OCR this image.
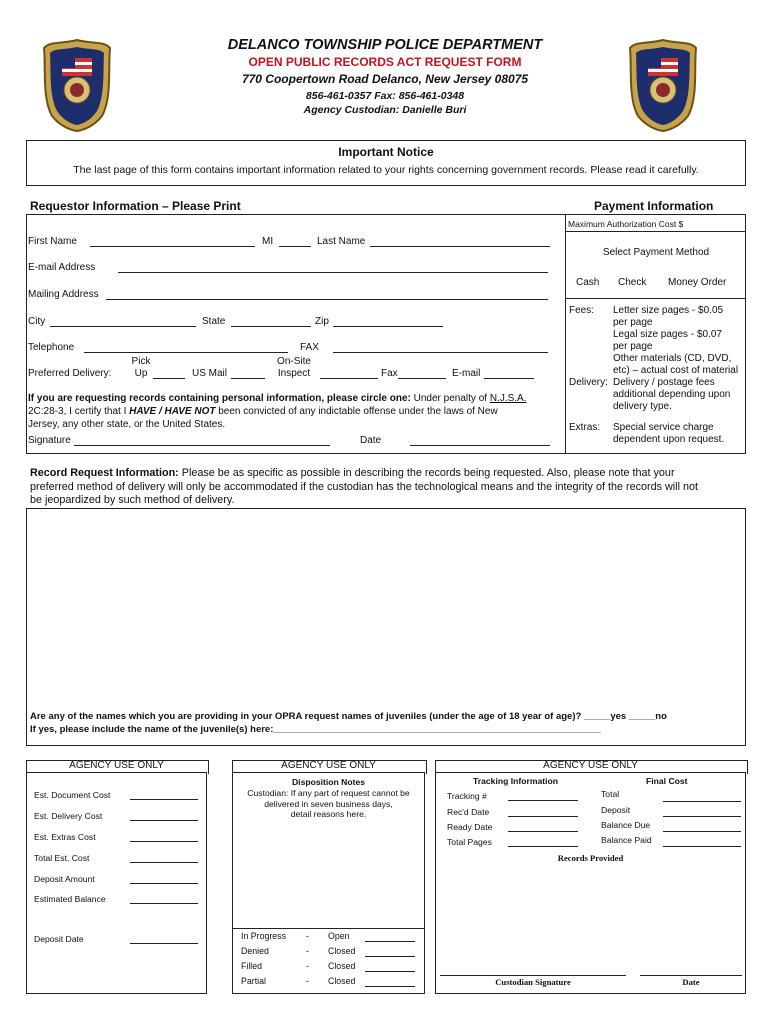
DELANCO TOWNSHIP POLICE DEPARTMENT
OPEN PUBLIC RECORDS ACT REQUEST FORM
770 Coopertown Road Delanco, New Jersey 08075
856-461-0357 Fax: 856-461-0348
Agency Custodian: Danielle Buri
Important Notice
The last page of this form contains important information related to your rights concerning government records. Please read it carefully.
Requestor Information – Please Print
First Name	MI	Last Name
E-mail Address
Mailing Address
City	State	Zip
Telephone	FAX
Preferred Delivery:
Pick
Up	US Mail
On-Site
Inspect	Fax	E-mail
If you are requesting records containing personal information, please circle one: Under penalty of N.J.S.A.
2C:28-3, I certify that I HAVE / HAVE NOT been convicted of any indictable offense under the laws of New
Jersey, any other state, or the United States.
Signature	Date
Payment Information
Maximum Authorization Cost $
Select Payment Method
Cash Check Money Order
Fees: Letter size pages - $0.05
per page
Legal size pages - $0.07
per page
Other materials (CD, DVD,
etc) – actual cost of material
Delivery: Delivery / postage fees
additional depending upon
delivery type.
Extras: Special service charge
dependent upon request.
Record Request Information: Please be as specific as possible in describing the records being requested. Also, please note that your
preferred method of delivery will only be accommodated if the custodian has the technological means and the integrity of the records will not
be jeopardized by such method of delivery.
Are any of the names which you are providing in your OPRA request names of juveniles (under the age of 18 year of age)? _____yes _____no
If yes, please include the name of the juvenile(s) here:______________________________________________________________
AGENCY USE ONLY
Est. Document Cost
Est. Delivery Cost
Est. Extras Cost
Total Est. Cost
Deposit Amount
Estimated Balance
Deposit Date
AGENCY USE ONLY
Disposition Notes
Custodian: If any part of request cannot be
delivered in seven business days,
detail reasons here.
In Progress - Open
Denied	- Closed
Filled	- Closed
Partial	- Closed
AGENCY USE ONLY
Tracking Information	Final Cost
Tracking #
Rec'd Date
Ready Date
Total Pages
Total
Deposit
Balance Due
Balance Paid
Records Provided
Custodian Signature	Date
